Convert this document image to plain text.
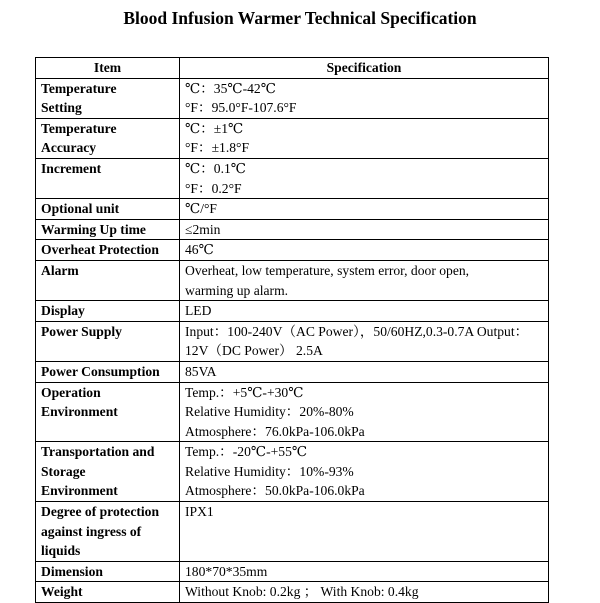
Blood Infusion Warmer Technical Specification
Item	Specification

Temperature
Setting	℃：35℃-42℃
°F：95.0°F-107.6°F

Temperature
Accuracy	℃：±1℃
°F：±1.8°F

Increment	℃：0.1℃
°F：0.2°F

Optional unit	℃/°F

Warming Up time	≤2min

Overheat Protection	46℃

Alarm	Overheat, low temperature, system error, door open,
warming up alarm.

Display	LED

Power Supply	Input：100-240V（AC Power），50/60HZ,0.3-0.7A Output：
12V（DC Power） 2.5A

Power Consumption	85VA

Operation
Environment	Temp.：+5℃-+30℃
Relative Humidity：20%-80%
Atmosphere：76.0kPa-106.0kPa

Transportation and
Storage
Environment	Temp.：-20℃-+55℃
Relative Humidity：10%-93%
Atmosphere：50.0kPa-106.0kPa

Degree of protection
against ingress of
liquids	IPX1

Dimension	180*70*35mm

Weight	Without Knob: 0.2kg ； With Knob: 0.4kg
